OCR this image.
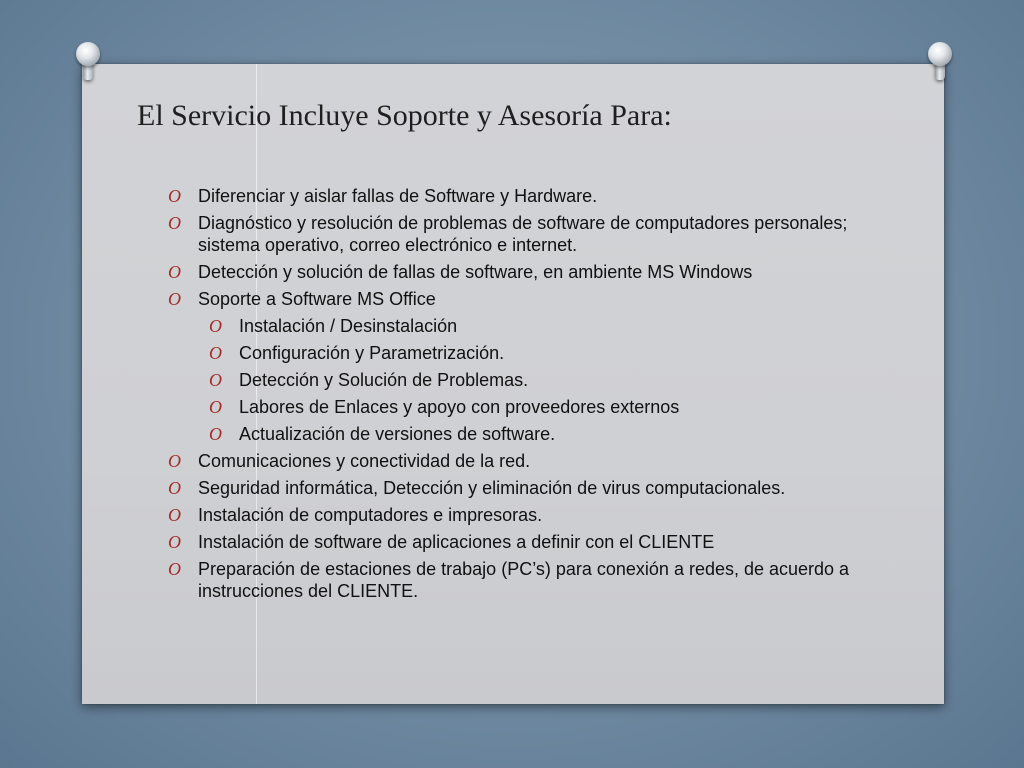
El Servicio Incluye Soporte y Asesoría Para:
O Diferenciar y aislar fallas de Software y Hardware.
O Diagnóstico y resolución de problemas de software de computadores personales; sistema operativo, correo electrónico e internet.
O Detección y solución de fallas de software, en ambiente MS Windows
O Soporte a Software MS Office
O Instalación / Desinstalación
O Configuración y Parametrización.
O Detección y Solución de Problemas.
O Labores de Enlaces y apoyo con proveedores externos
O Actualización de versiones de software.
O Comunicaciones y conectividad de la red.
O Seguridad informática, Detección y eliminación de virus computacionales.
O Instalación de computadores e impresoras.
O Instalación de software de aplicaciones a definir con el CLIENTE
O Preparación de estaciones de trabajo (PC’s) para conexión a redes, de acuerdo a instrucciones del CLIENTE.
